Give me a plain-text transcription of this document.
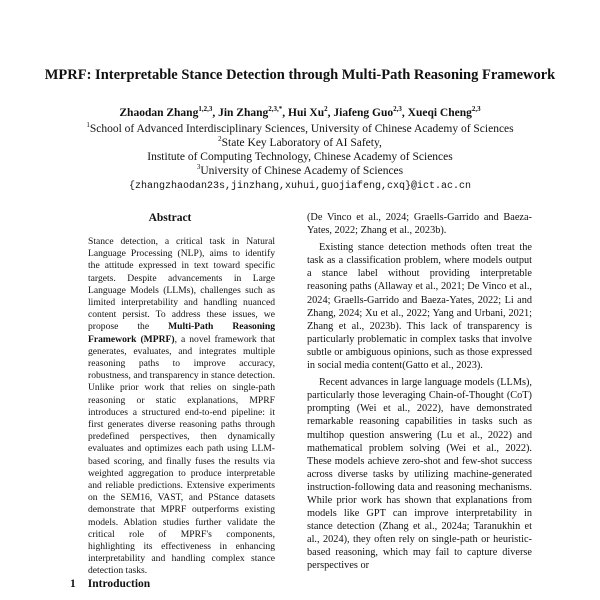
MPRF: Interpretable Stance Detection through Multi-Path Reasoning Framework
Zhaodan Zhang$^{1,2,3}$, Jin Zhang$^{2,3,*}$, Hui Xu$^2$, Jiafeng Guo$^{2,3}$, Xueqi Cheng$^{2,3}$
$^1$School of Advanced Interdisciplinary Sciences, University of Chinese Academy of Sciences
$^2$State Key Laboratory of AI Safety,
Institute of Computing Technology, Chinese Academy of Sciences
$^3$University of Chinese Academy of Sciences
{zhangzhaodan23s,jinzhang,xuhui,guojiafeng,cxq}@ict.ac.cn
Abstract
Stance detection, a critical task in Natural Language Processing (NLP), aims to identify the attitude expressed in text toward specific targets. Despite advancements in Large Language Models (LLMs), challenges such as limited interpretability and handling nuanced content persist. To address these issues, we propose the Multi-Path Reasoning Framework (MPRF), a novel framework that generates, evaluates, and integrates multiple reasoning paths to improve accuracy, robustness, and transparency in stance detection. Unlike prior work that relies on single-path reasoning or static explanations, MPRF introduces a structured end-to-end pipeline: it first generates diverse reasoning paths through predefined perspectives, then dynamically evaluates and optimizes each path using LLM-based scoring, and finally fuses the results via weighted aggregation to produce interpretable and reliable predictions. Extensive experiments on the SEM16, VAST, and PStance datasets demonstrate that MPRF outperforms existing models. Ablation studies further validate the critical role of MPRF's components, highlighting its effectiveness in enhancing interpretability and handling complex stance detection tasks.
1 Introduction

(De Vinco et al., 2024; Graells-Garrido and Baeza-Yates, 2022; Zhang et al., 2023b).

Existing stance detection methods often treat the task as a classification problem, where models output a stance label without providing interpretable reasoning paths (Allaway et al., 2021; De Vinco et al., 2024; Graells-Garrido and Baeza-Yates, 2022; Li and Zhang, 2024; Xu et al., 2022; Yang and Urbani, 2021; Zhang et al., 2023b). This lack of transparency is particularly problematic in complex tasks that involve subtle or ambiguous opinions, such as those expressed in social media content(Gatto et al., 2023).

Recent advances in large language models (LLMs), particularly those leveraging Chain-of-Thought (CoT) prompting (Wei et al., 2022), have demonstrated remarkable reasoning capabilities in tasks such as multihop question answering (Lu et al., 2022) and mathematical problem solving (Wei et al., 2022). These models achieve zero-shot and few-shot success across diverse tasks by utilizing machine-generated instruction-following data and reasoning mechanisms. While prior work has shown that explanations from models like GPT can improve interpretability in stance detection (Zhang et al., 2024a; Taranukhin et al., 2024), they often rely on single-path or heuristic-based reasoning, which may fail to capture diverse perspectives or
